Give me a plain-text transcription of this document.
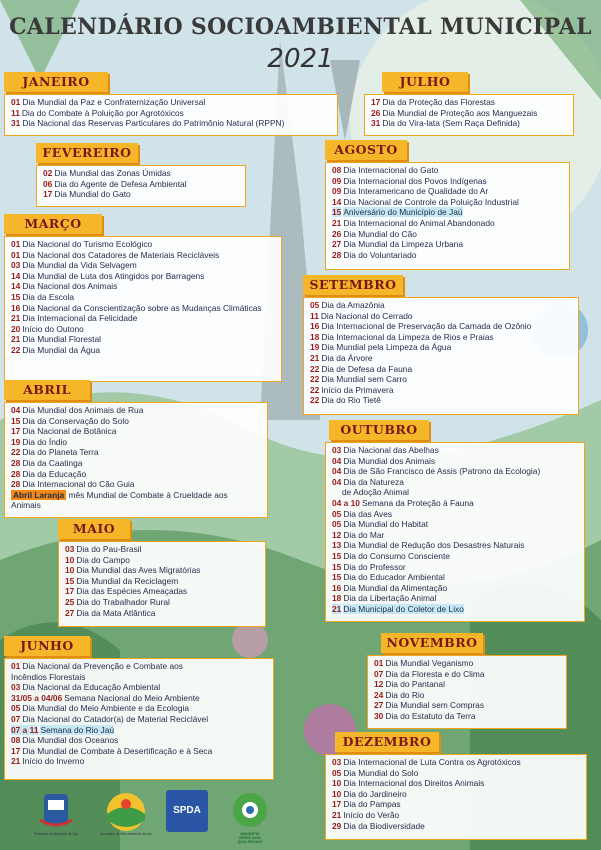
CALENDÁRIO SOCIOAMBIENTAL MUNICIPAL
2021
JANEIRO
01 Dia Mundial da Paz e Confraternização Universal
11 Dia do Combate à Poluição por Agrotóxicos
31 Dia Nacional das Reservas Particulares do Patrimônio Natural (RPPN)
FEVEREIRO
02 Dia Mundial das Zonas Úmidas
06 Dia do Agente de Defesa Ambiental
17 Dia Mundial do Gato
MARÇO
01 Dia Nacional do Turismo Ecológico
01 Dia Nacional dos Catadores de Materiais Recicláveis
03 Dia Mundial da Vida Selvagem
14 Dia Mundial de Luta dos Atingidos por Barragens
14 Dia Nacional dos Animais
15 Dia da Escola
16 Dia Nacional da Conscientização sobre as Mudanças Climáticas
21 Dia Internacional da Felicidade
20 Início do Outono
21 Dia Mundial Florestal
22 Dia Mundial da Água
ABRIL
04 Dia Mundial dos Animais de Rua
15 Dia da Conservação do Solo
17 Dia Nacional de Botânica
19 Dia do Índio
22 Dia do Planeta Terra
28 Dia da Caatinga
28 Dia da Educação
28 Dia Internacional do Cão Guia
Abril Laranja mês Mundial de Combate à Crueldade aos Animais
MAIO
03 Dia do Pau-Brasil
10 Dia do Campo
10 Dia Mundial das Aves Migratórias
15 Dia Mundial da Reciclagem
17 Dia das Espécies Ameaçadas
25 Dia do Trabalhador Rural
27 Dia da Mata Atlântica
JUNHO
01 Dia Nacional da Prevenção e Combate aos Incêndios Florestais
03 Dia Nacional da Educação Ambiental
31/05 a 04/06 Semana Nacional do Meio Ambiente
05 Dia Mundial do Meio Ambiente e da Ecologia
07 Dia Nacional do Catador(a) de Material Reciclável
07 a 11 Semana do Rio Jaú
08 Dia Mundial dos Oceanos
17 Dia Mundial de Combate à Desertificação e à Seca
21 Início do Inverno
JULHO
17 Dia da Proteção das Florestas
26 Dia Mundial de Proteção aos Manguezais
31 Dia do Vira-lata (Sem Raça Definida)
AGOSTO
08 Dia Internacional do Gato
09 Dia Internacional dos Povos Indígenas
09 Dia Interamericano de Qualidade do Ar
14 Dia Nacional de Controle da Poluição Industrial
15 Aniversário do Município de Jaú
21 Dia Internacional do Animal Abandonado
26 Dia Mundial do Cão
27 Dia Mundial da Limpeza Urbana
28 Dia do Voluntariado
SETEMBRO
05 Dia da Amazônia
11 Dia Nacional do Cerrado
16 Dia Internacional de Preservação da Camada de Ozônio
18 Dia Internacional da Limpeza de Rios e Praias
19 Dia Mundial pela Limpeza da Água
21 Dia da Árvore
22 Dia de Defesa da Fauna
22 Dia Mundial sem Carro
22 Início da Primavera
22 Dia do Rio Tietê
OUTUBRO
03 Dia Nacional das Abelhas
04 Dia Mundial dos Animais
04 Dia de São Francisco de Assis (Patrono da Ecologia)
04 Dia da Natureza
de Adoção Animal
04 a 10 Semana da Proteção à Fauna
05 Dia das Aves
05 Dia Mundial do Habitat
12 Dia do Mar
13 Dia Mundial de Redução dos Desastres Naturais
15 Dia do Consumo Consciente
15 Dia do Professor
15 Dia do Educador Ambiental
16 Dia Mundial da Alimentação
18 Dia da Libertação Animal
21 Dia Municipal do Coletor de Lixo
NOVEMBRO
01 Dia Mundial Veganismo
07 Dia da Floresta e do Clima
12 Dia do Pantanal
24 Dia do Rio
27 Dia Mundial sem Compras
30 Dia do Estatuto da Terra
DEZEMBRO
03 Dia Internacional de Luta Contra os Agrotóxicos
05 Dia Mundial do Solo
10 Dia Internacional dos Direitos Animais
10 Dia do Jardineiro
17 Dia do Pampas
21 Início do Verão
29 Dia da Biodiversidade
Prefeitura do Município de Jaú	Secretaria de Meio Ambiente de Jaú
SPDA
MUNICÍPIO
VERDE AZUL
QUALIFICADO
